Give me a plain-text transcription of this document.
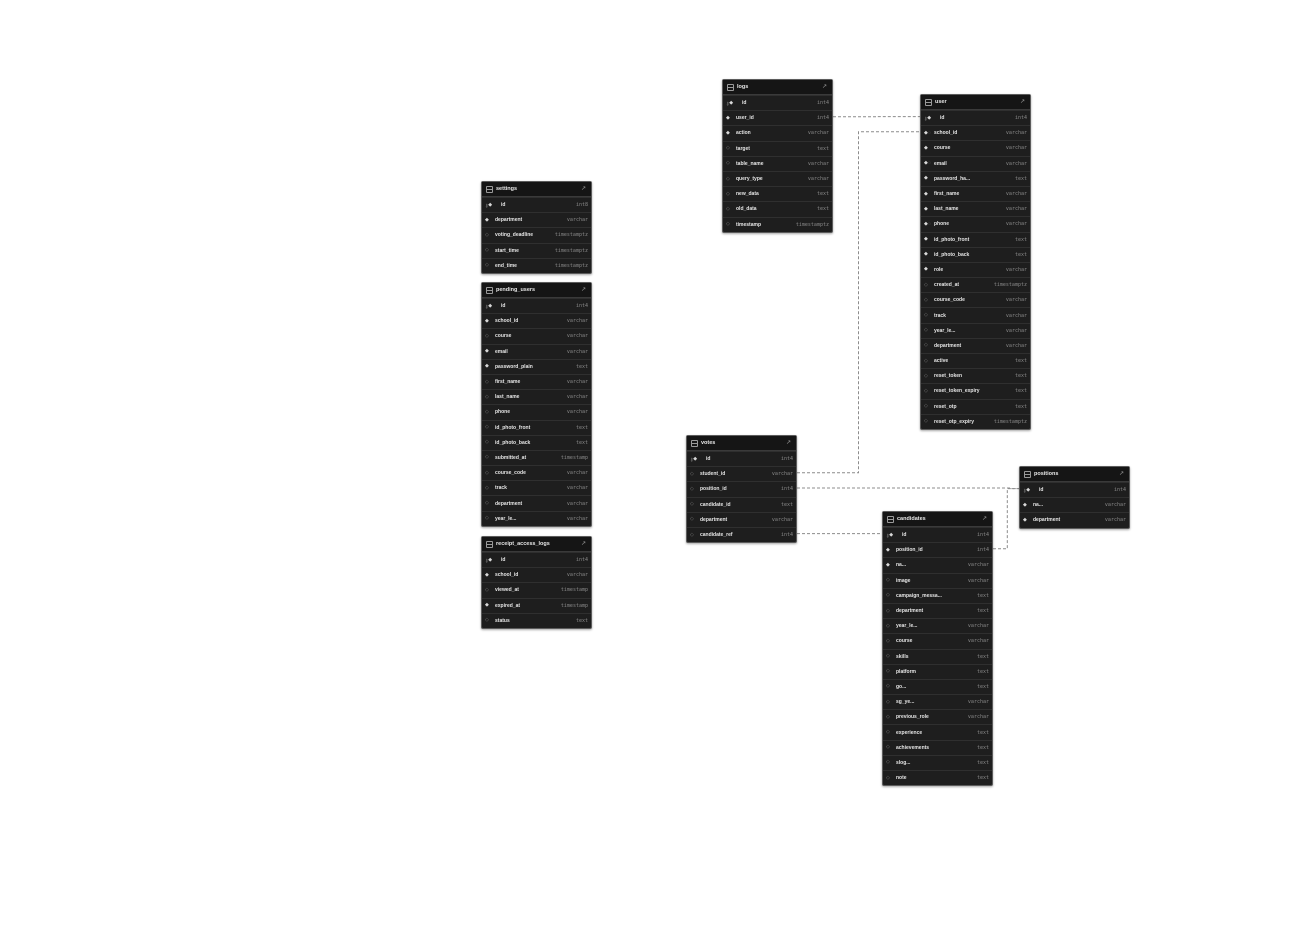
logs	↗
⚷ ◆	id	int4
◆ user_id	int4
◆ action	varchar
◇ target	text
◇ table_name	varchar
◇ query_type	varchar
◇ new_data	text
◇ old_data	text
◇ timestamp	timestamptz
user	↗
⚷ ◆	id	int4
◆ ◌ school_id	varchar
◆ course	varchar
◆ ◌ email	varchar
◆ password_ha...	text
◆ first_name	varchar
◆ last_name	varchar
◆ ◌ phone	varchar
◆ id_photo_front	text
◆ id_photo_back	text
◆ role	varchar
◇ created_at	timestamptz
◇ course_code	varchar
◇ track	varchar
◇ year_le...	varchar
◇ department	varchar
◇ active	text
◇ reset_token	text
◇ reset_token_expiry	text
◇ reset_otp	text
◇ reset_otp_expiry	timestamptz
settings	↗
⚷ ◆	id	int8
◆ department	varchar
◇ voting_deadline	timestamptz
◇ start_time	timestamptz
◇ end_time	timestamptz
pending_users	↗
⚷ ◆	id	int4
◆ school_id	varchar
◇ course	varchar
◆ email	varchar
◆ password_plain	text
◇ first_name	varchar
◇ last_name	varchar
◇ phone	varchar
◇ id_photo_front	text
◇ id_photo_back	text
◇ submitted_at	timestamp
◇ course_code	varchar
◇ track	varchar
◇ department	varchar
◇ year_le...	varchar
receipt_access_logs	↗
⚷ ◆	id	int4
◆ school_id	varchar
◇ viewed_at	timestamp
◆ expired_at	timestamp
◇ status	text
votes	↗
⚷ ◆	id	int4
◇ student_id	varchar
◇ position_id	int4
◇ candidate_id	text
◇ department	varchar
◇ candidate_ref	int4
positions	↗
⚷ ◆	id	int4
◆ na...	varchar
◆ department	varchar
candidates	↗
⚷ ◆	id	int4
◆ position_id	int4
◆ na...	varchar
◇ image	varchar
◇ campaign_messa...	text
◇ department	text
◇ year_le...	varchar
◇ course	varchar
◇ skills	text
◇ platform	text
◇ go...	text
◇ sg_ye...	varchar
◇ previous_role	varchar
◇ experience	text
◇ achievements	text
◇ slog...	text
◇ note	text
